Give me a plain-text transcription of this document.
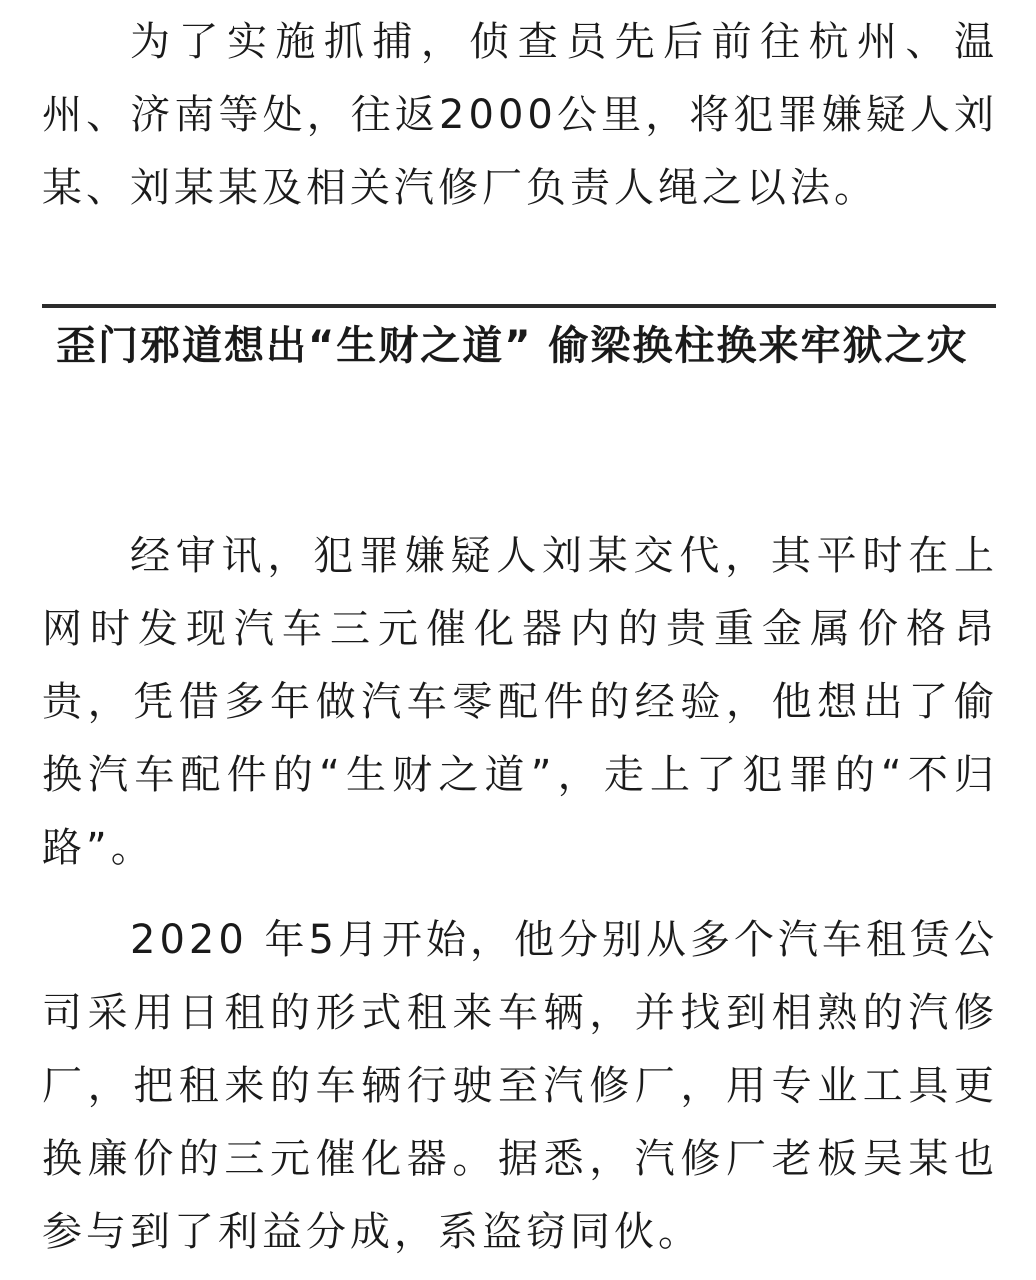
为了实施抓捕，侦查员先后前往杭州、温州、济南等处，往返2000公里，将犯罪嫌疑人刘某、刘某某及相关汽修厂负责人绳之以法。

歪门邪道想出“生财之道” 偷梁换柱换来牢狱之灾

经审讯，犯罪嫌疑人刘某交代，其平时在上网时发现汽车三元催化器内的贵重金属价格昂贵，凭借多年做汽车零配件的经验，他想出了偷换汽车配件的“生财之道”，走上了犯罪的“不归路”。

2020 年5月开始，他分别从多个汽车租赁公司采用日租的形式租来车辆，并找到相熟的汽修厂，把租来的车辆行驶至汽修厂，用专业工具更换廉价的三元催化器。据悉，汽修厂老板吴某也参与到了利益分成，系盗窃同伙。
